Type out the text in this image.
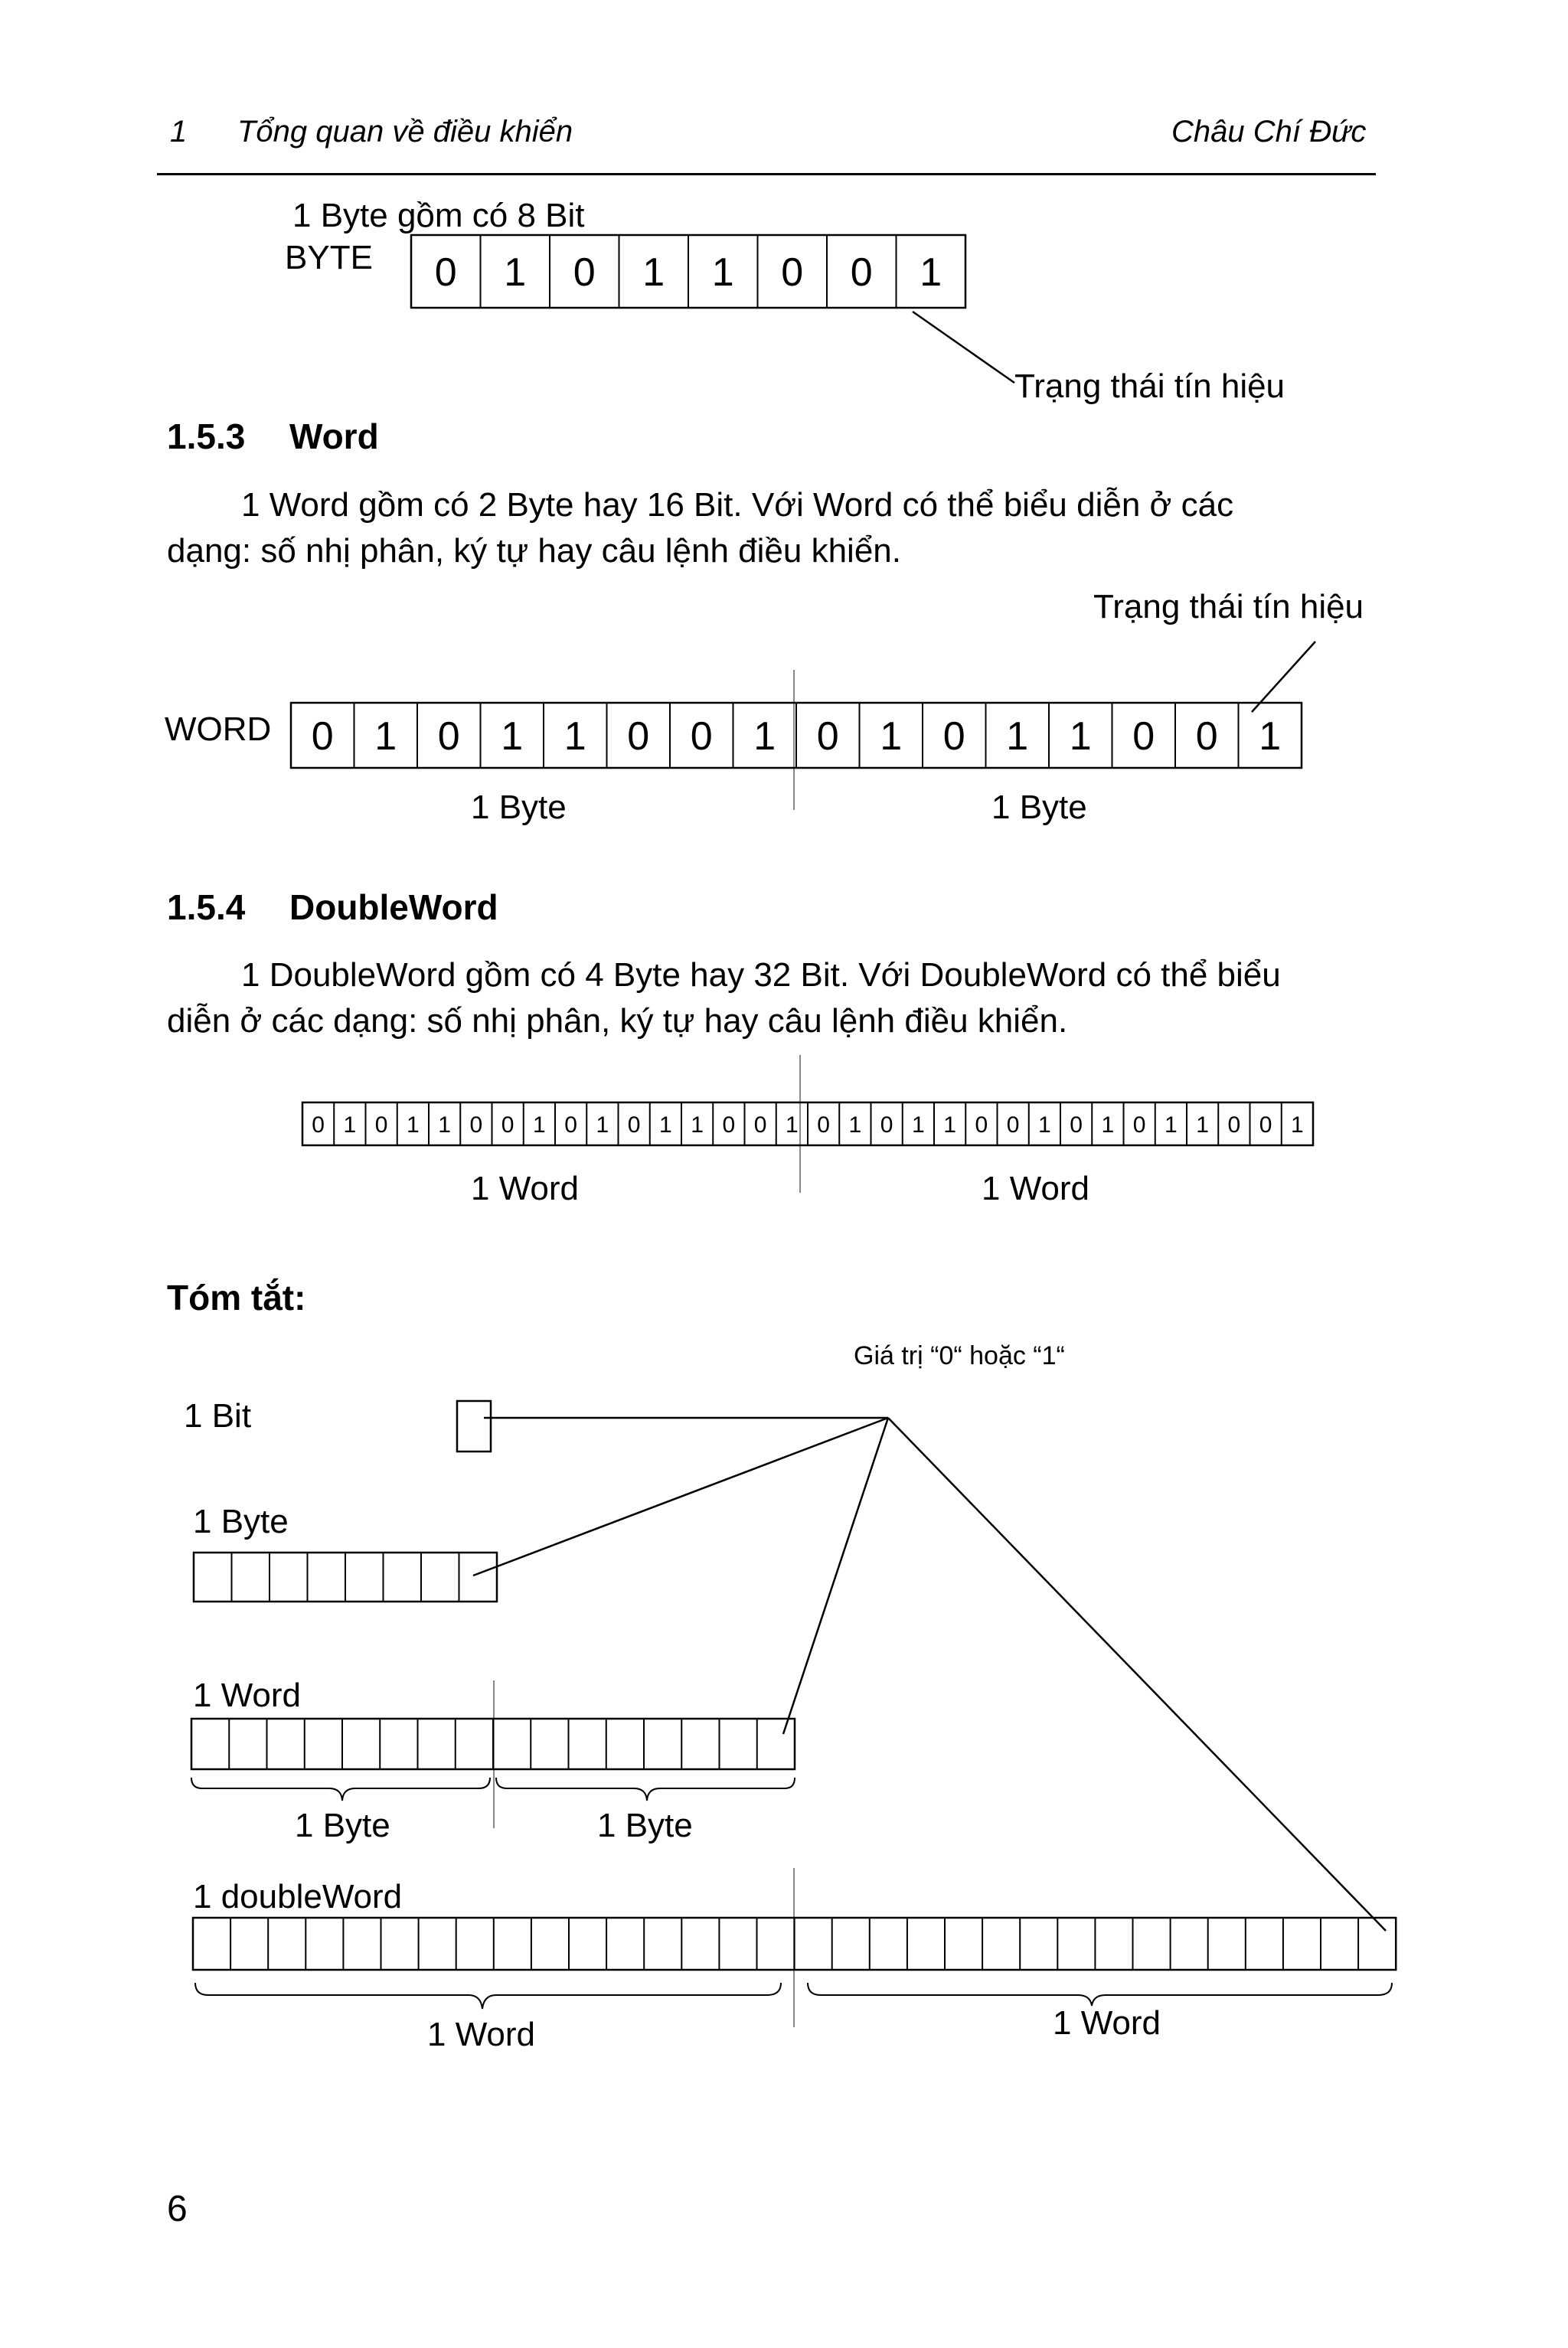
1 Tổng quan về điều khiển	Châu Chí Đức
1 Byte gồm có 8 Bit
BYTE
Trạng thái tín hiệu
1.5.3 Word
1 Word gồm có 2 Byte hay 16 Bit. Với Word có thể biểu diễn ở các
dạng: số nhị phân, ký tự hay câu lệnh điều khiển.
Trạng thái tín hiệu
WORD
1 Byte	1 Byte
1.5.4 DoubleWord
1 DoubleWord gồm có 4 Byte hay 32 Bit. Với DoubleWord có thể biểu
diễn ở các dạng: số nhị phân, ký tự hay câu lệnh điều khiển.
1 Word	1 Word
Tóm tắt:
Giá trị “0“ hoặc “1“
1 Bit
1 Byte
1 Word
1 Byte	1 Byte
1 doubleWord
1 Word	1 Word
6
0 1 0 1 1 0 0 1
0 1 0 1 1 0 0 1 0 1 0 1 1 0 0 1
0 1 0 1 1 0 0 1 0 1 0 1 1 0 0 1 0 1 0 1 1 0 0 1 0 1 0 1 1 0 0 1
